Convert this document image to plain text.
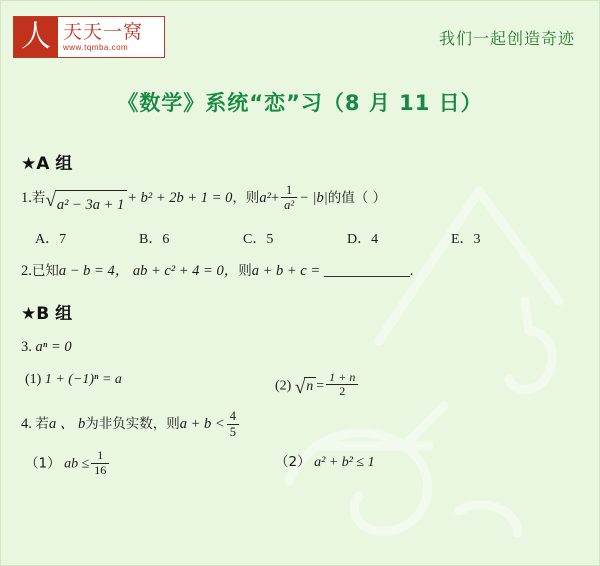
人 天天一窝
www.tqmba.com	我们一起创造奇迹
《数学》系统“恋”习（8 月 11 日）
★A 组
1.若 √ a² − 3a + 1 + b² + 2b + 1 = 0，则$a^2+ \frac{1}{\text{a²}} - |b|$的值（ ）
A．7	B．6	C．5	D．4	E．3
2.已知a − b = 4， ab + c² + 4 = 0，则a + b + c =	.
★B 组
3. aⁿ = 0
(1) 1 + (−1)ⁿ = a	(2) √ $n = \frac{1 + n}{2}$
4. 若a 、 b为非负实数，则$a + b < \frac{4}{5}$
（1） ab ≤ $\frac{1}{16}$	（2） a² + b² ≤ 1
